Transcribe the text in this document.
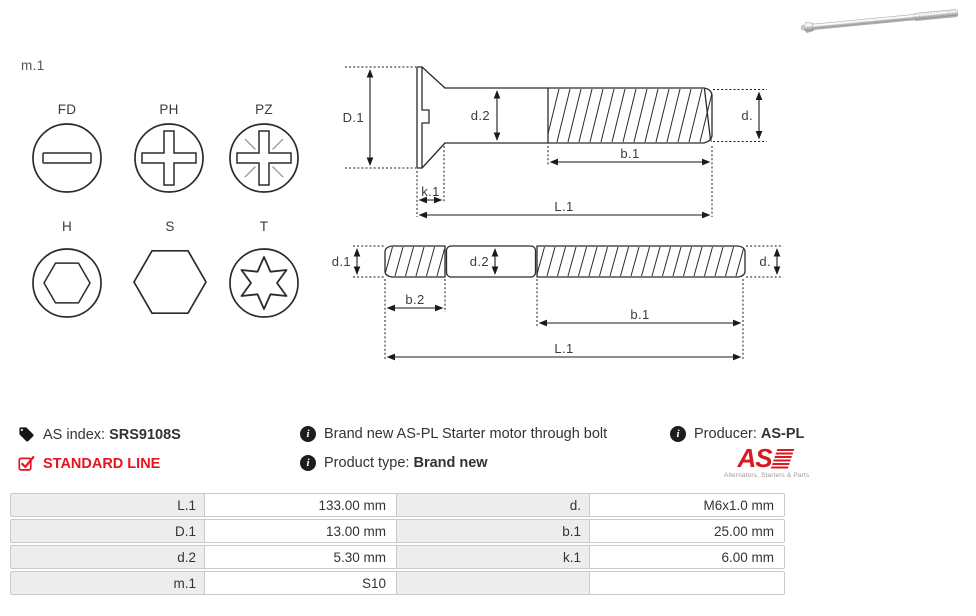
m.1
FD	PH	PZ
H	S	T
D.1	d.2	d.
b.1
k.1
L.1
d.1	d.2	d.
b.2
b.1
L.1
AS index: SRS9108S
STANDARD LINE
i Brand new AS-PL Starter motor through bolt
i Product type: Brand new
i Producer: AS-PL
AS
Alternators, Starters & Parts
L.1	133.00 mm	d.	M6x1.0 mm
D.1	13.00 mm	b.1	25.00 mm
d.2	5.30 mm	k.1	6.00 mm
m.1	S10
